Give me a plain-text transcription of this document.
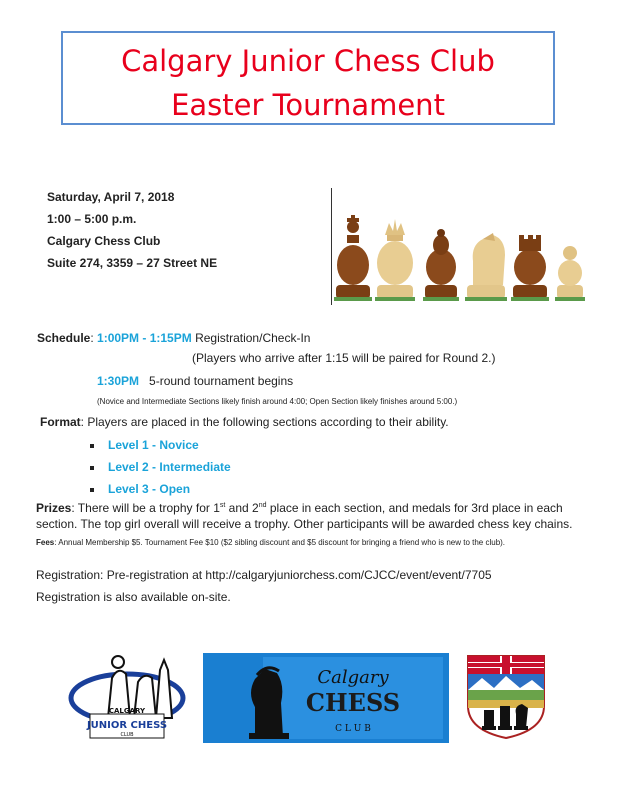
Calgary Junior Chess Club
Easter Tournament
Saturday, April 7, 2018
1:00 – 5:00 p.m.
Calgary Chess Club
Suite 274, 3359 – 27 Street NE
Schedule: 1:00PM - 1:15PM Registration/Check-In
(Players who arrive after 1:15 will be paired for Round 2.)
1:30PM 5-round tournament begins
(Novice and Intermediate Sections likely finish around 4:00; Open Section likely finishes around 5:00.)
Format: Players are placed in the following sections according to their ability.
Level 1 - Novice
Level 2 - Intermediate
Level 3 - Open
Prizes: There will be a trophy for 1st and 2nd place in each section, and medals for 3rd place in each section. The top girl overall will receive a trophy. Other participants will be awarded chess key chains.
Fees: Annual Membership $5. Tournament Fee $10 ($2 sibling discount and $5 discount for bringing a friend who is new to the club).
Registration: Pre-registration at http://calgaryjuniorchess.com/CJCC/event/event/7705
Registration is also available on-site.
CALGARY
JUNIOR CHESS
CLUB
Calgary
CHESS
C L U B
